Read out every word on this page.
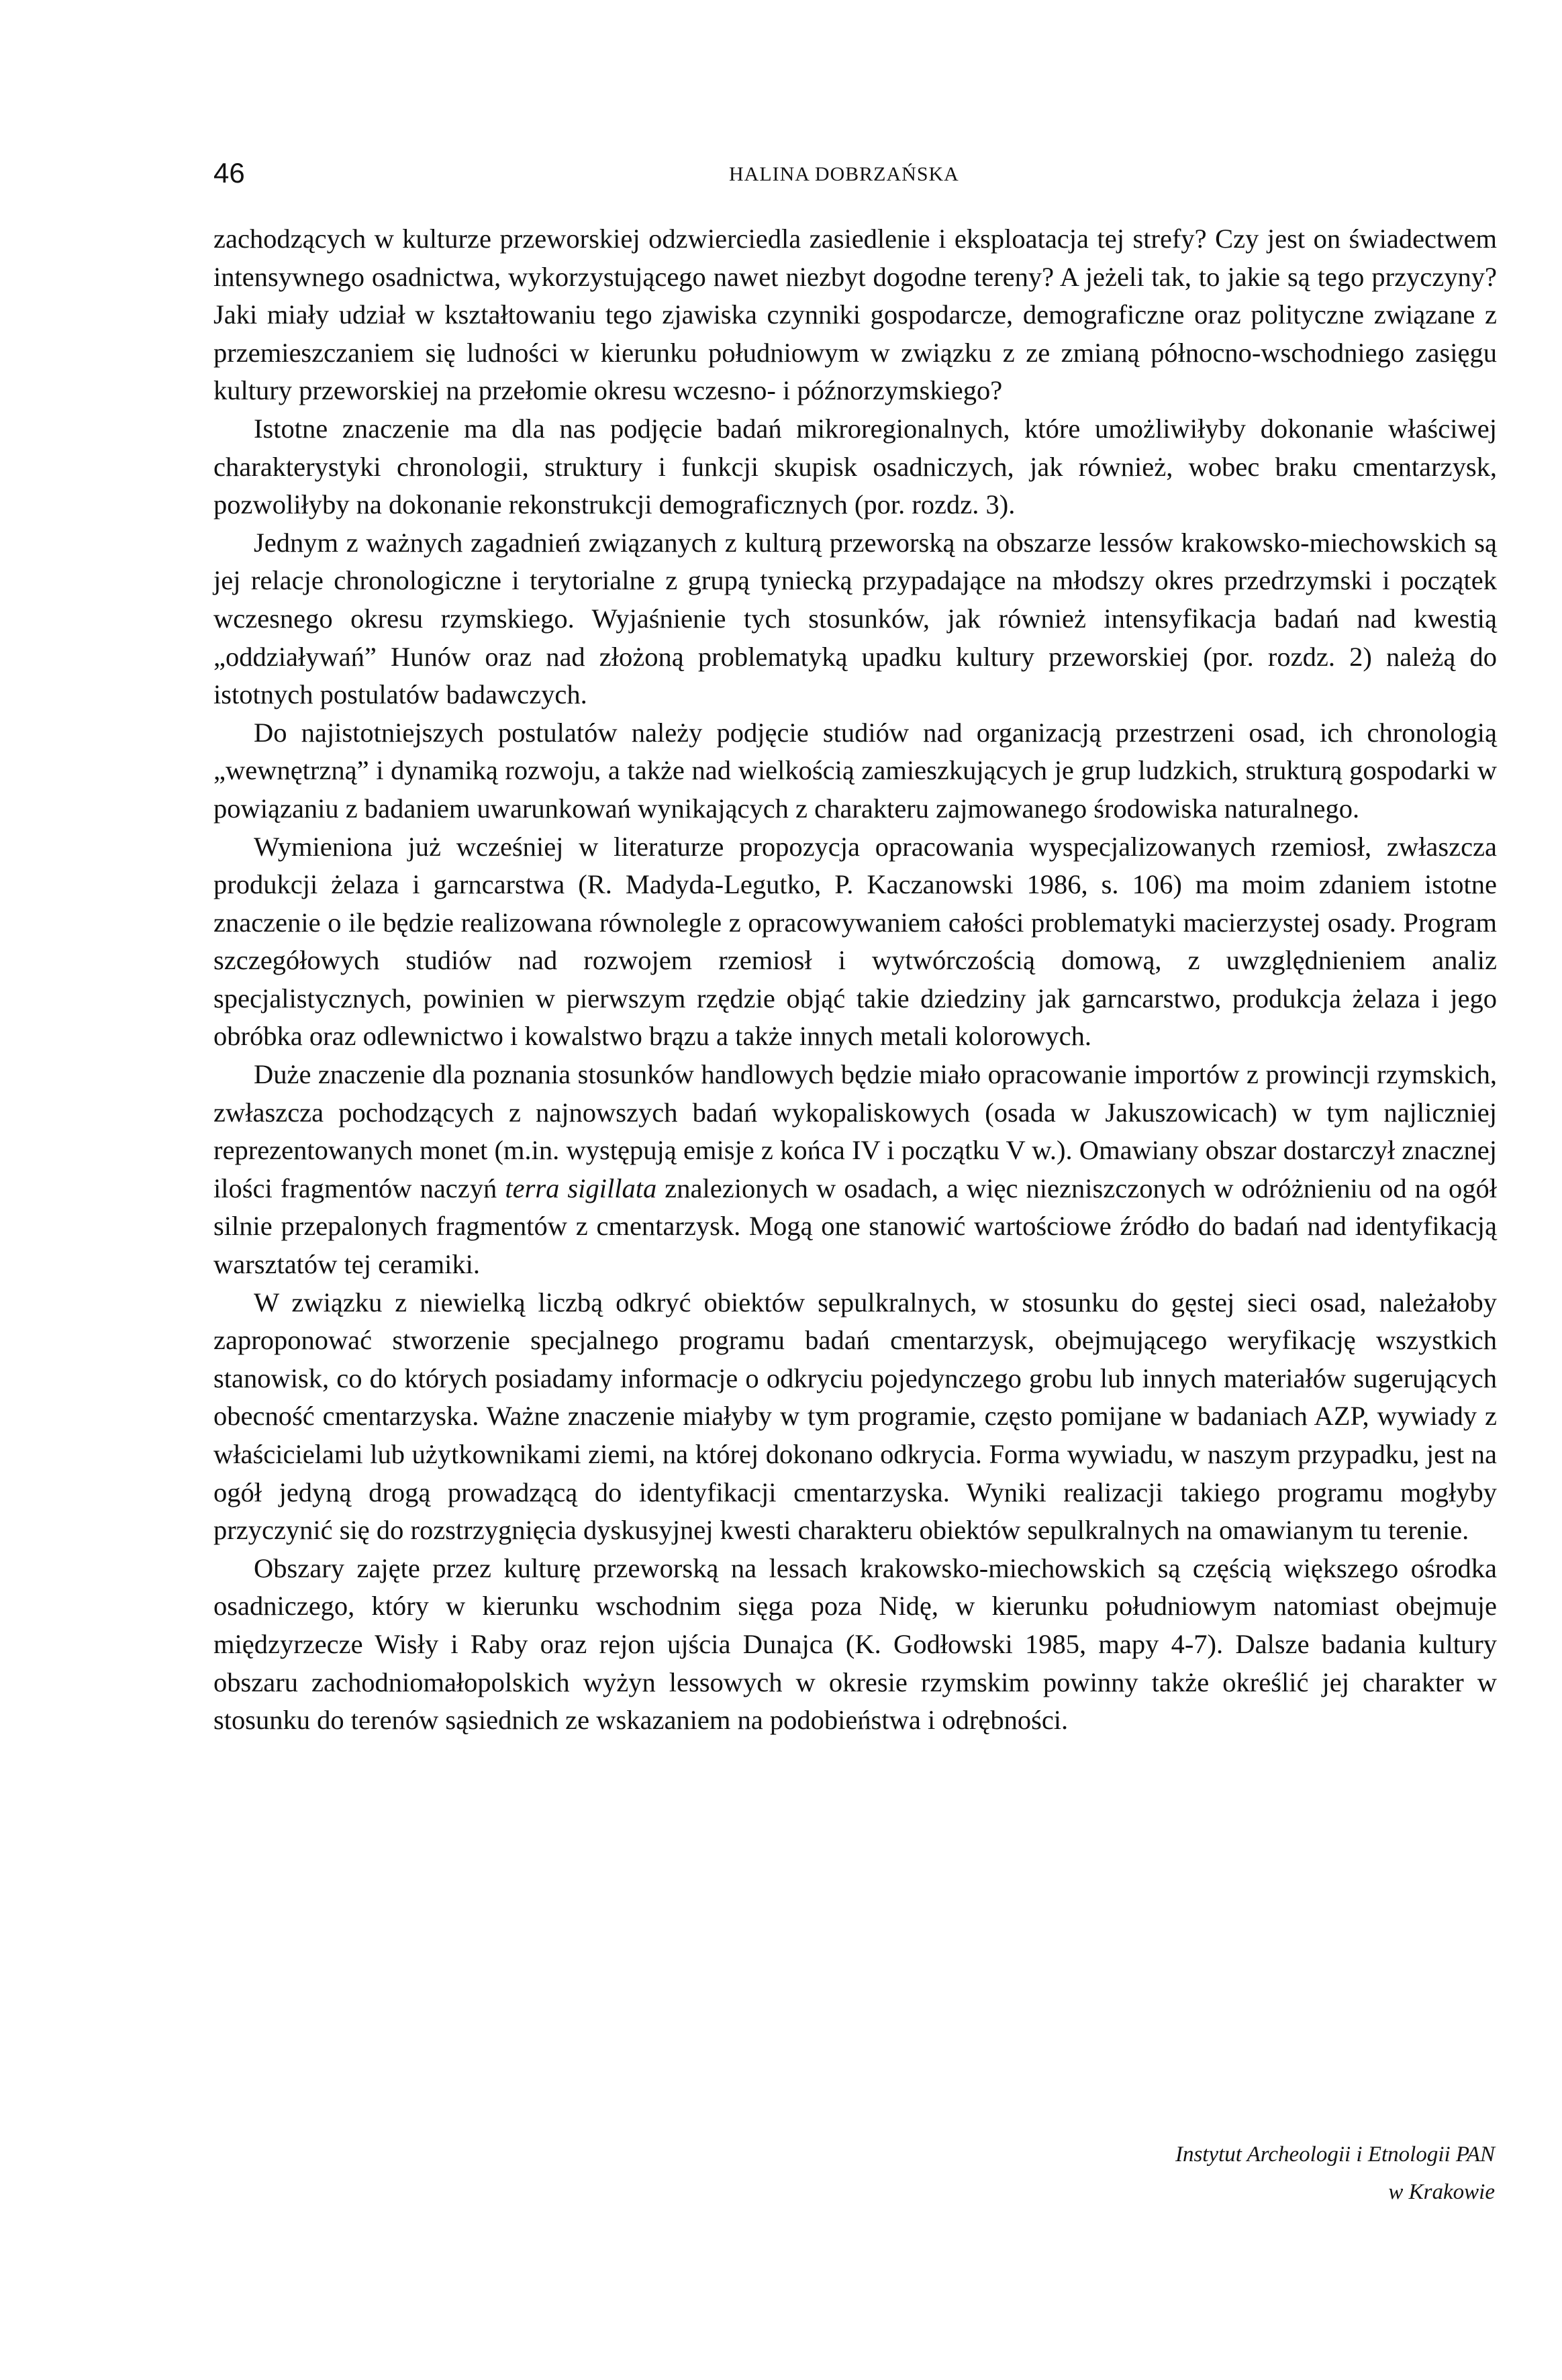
46	HALINA DOBRZAŃSKA

zachodzących w kulturze przeworskiej odzwierciedla zasiedlenie i eksploatacja tej strefy? Czy jest on świadectwem intensywnego osadnictwa, wykorzystującego nawet niezbyt dogodne tereny? A jeżeli tak, to jakie są tego przyczyny? Jaki miały udział w kształtowaniu tego zjawiska czynniki gospodarcze, demograficzne oraz polityczne związane z przemieszczaniem się ludności w kierunku południowym w związku z ze zmianą północno-wschodniego zasięgu kultury przeworskiej na przełomie okresu wczesno- i późnorzymskiego?

Istotne znaczenie ma dla nas podjęcie badań mikroregionalnych, które umożliwiłyby dokonanie właściwej charakterystyki chronologii, struktury i funkcji skupisk osadniczych, jak również, wobec braku cmentarzysk, pozwoliłyby na dokonanie rekonstrukcji demograficznych (por. rozdz. 3).

Jednym z ważnych zagadnień związanych z kulturą przeworską na obszarze lessów krakowsko-miechowskich są jej relacje chronologiczne i terytorialne z grupą tyniecką przypadające na młodszy okres przedrzymski i początek wczesnego okresu rzymskiego. Wyjaśnienie tych stosunków, jak również intensyfikacja badań nad kwestią „oddziaływań” Hunów oraz nad złożoną problematyką upadku kultury przeworskiej (por. rozdz. 2) należą do istotnych postulatów badawczych.

Do najistotniejszych postulatów należy podjęcie studiów nad organizacją przestrzeni osad, ich chronologią „wewnętrzną” i dynamiką rozwoju, a także nad wielkością zamieszkujących je grup ludzkich, strukturą gospodarki w powiązaniu z badaniem uwarunkowań wynikających z charakteru zajmowanego środowiska naturalnego.

Wymieniona już wcześniej w literaturze propozycja opracowania wyspecjalizowanych rzemiosł, zwłaszcza produkcji żelaza i garncarstwa (R. Madyda-Legutko, P. Kaczanowski 1986, s. 106) ma moim zdaniem istotne znaczenie o ile będzie realizowana równolegle z opracowywaniem całości problematyki macierzystej osady. Program szczegółowych studiów nad rozwojem rzemiosł i wytwórczością domową, z uwzględnieniem analiz specjalistycznych, powinien w pierwszym rzędzie objąć takie dziedziny jak garncarstwo, produkcja żelaza i jego obróbka oraz odlewnictwo i kowalstwo brązu a także innych metali kolorowych.

Duże znaczenie dla poznania stosunków handlowych będzie miało opracowanie importów z prowincji rzymskich, zwłaszcza pochodzących z najnowszych badań wykopaliskowych (osada w Jakuszowicach) w tym najliczniej reprezentowanych monet (m.in. występują emisje z końca IV i początku V w.). Omawiany obszar dostarczył znacznej ilości fragmentów naczyń terra sigillata znalezionych w osadach, a więc niezniszczonych w odróżnieniu od na ogół silnie przepalonych fragmentów z cmentarzysk. Mogą one stanowić wartościowe źródło do badań nad identyfikacją warsztatów tej ceramiki.

W związku z niewielką liczbą odkryć obiektów sepulkralnych, w stosunku do gęstej sieci osad, należałoby zaproponować stworzenie specjalnego programu badań cmentarzysk, obejmującego weryfikację wszystkich stanowisk, co do których posiadamy informacje o odkryciu pojedynczego grobu lub innych materiałów sugerujących obecność cmentarzyska. Ważne znaczenie miałyby w tym programie, często pomijane w badaniach AZP, wywiady z właścicielami lub użytkownikami ziemi, na której dokonano odkrycia. Forma wywiadu, w naszym przypadku, jest na ogół jedyną drogą prowadzącą do identyfikacji cmentarzyska. Wyniki realizacji takiego programu mogłyby przyczynić się do rozstrzygnięcia dyskusyjnej kwesti charakteru obiektów sepulkralnych na omawianym tu terenie.

Obszary zajęte przez kulturę przeworską na lessach krakowsko-miechowskich są częścią większego ośrodka osadniczego, który w kierunku wschodnim sięga poza Nidę, w kierunku południowym natomiast obejmuje międzyrzecze Wisły i Raby oraz rejon ujścia Dunajca (K. Godłowski 1985, mapy 4-7). Dalsze badania kultury obszaru zachodniomałopolskich wyżyn lessowych w okresie rzymskim powinny także określić jej charakter w stosunku do terenów sąsiednich ze wskazaniem na podobieństwa i odrębności.

Instytut Archeologii i Etnologii PAN
w Krakowie
